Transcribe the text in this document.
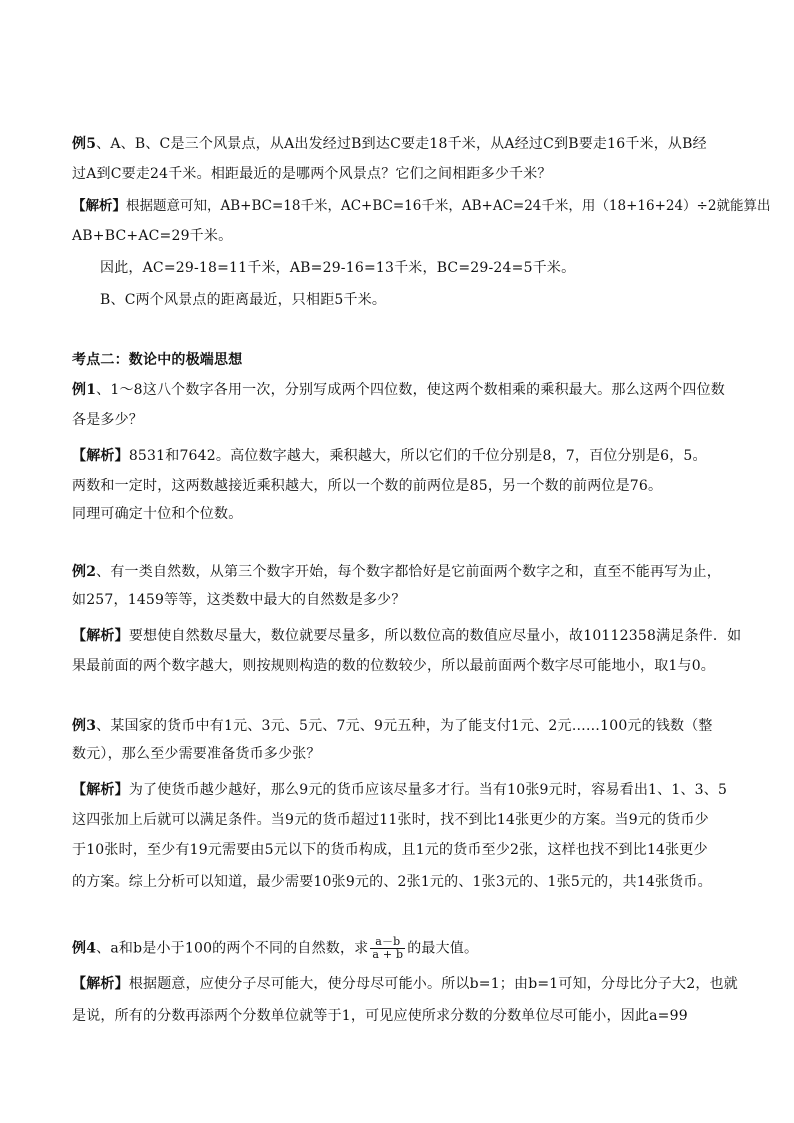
例5、A、B、C是三个风景点，从A出发经过B到达C要走18千米，从A经过C到B要走16千米，从B经
过A到C要走24千米。相距最近的是哪两个风景点？它们之间相距多少千米？
【解析】根据题意可知，AB+BC=18千米，AC+BC=16千米，AB+AC=24千米，用（18+16+24）÷2就能算出
AB+BC+AC=29千米。
因此，AC=29-18=11千米，AB=29-16=13千米，BC=29-24=5千米。
B、C两个风景点的距离最近，只相距5千米。
考点二：数论中的极端思想
例1、1～8这八个数字各用一次，分别写成两个四位数，使这两个数相乘的乘积最大。那么这两个四位数
各是多少？
【解析】8531和7642。高位数字越大，乘积越大，所以它们的千位分别是8，7，百位分别是6，5。
两数和一定时，这两数越接近乘积越大，所以一个数的前两位是85，另一个数的前两位是76。
同理可确定十位和个位数。
例2、有一类自然数，从第三个数字开始，每个数字都恰好是它前面两个数字之和，直至不能再写为止，
如257，1459等等，这类数中最大的自然数是多少？
【解析】要想使自然数尽量大，数位就要尽量多，所以数位高的数值应尽量小，故10112358满足条件．如
果最前面的两个数字越大，则按规则构造的数的位数较少，所以最前面两个数字尽可能地小，取1与0。
例3、某国家的货币中有1元、3元、5元、7元、9元五种，为了能支付1元、2元……100元的钱数（整
数元），那么至少需要准备货币多少张？
【解析】为了使货币越少越好，那么9元的货币应该尽量多才行。当有10张9元时，容易看出1、1、3、5
这四张加上后就可以满足条件。当9元的货币超过11张时，找不到比14张更少的方案。当9元的货币少
于10张时，至少有19元需要由5元以下的货币构成，且1元的货币至少2张，这样也找不到比14张更少
的方案。综上分析可以知道，最少需要10张9元的、2张1元的、1张3元的、1张5元的，共14张货币。
例4、a和b是小于100的两个不同的自然数，求 $\frac{a-b}{a + b}$ 的最大值。
【解析】根据题意，应使分子尽可能大，使分母尽可能小。所以b=1；由b=1可知，分母比分子大2，也就
是说，所有的分数再添两个分数单位就等于1，可见应使所求分数的分数单位尽可能小，因此a=99
